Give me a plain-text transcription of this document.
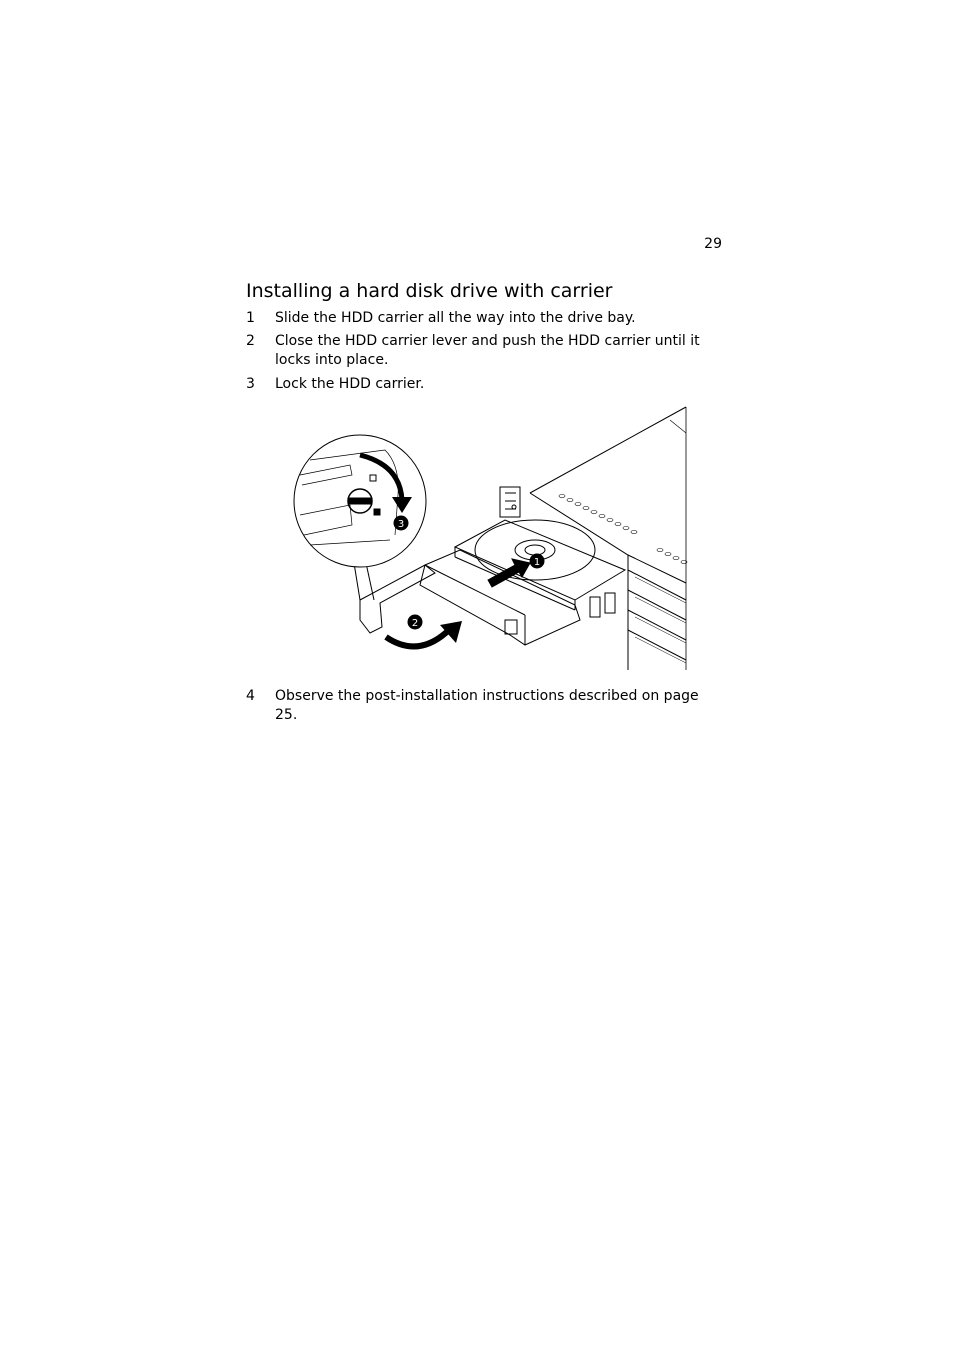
29
Installing a hard disk drive with carrier
1	Slide the HDD carrier all the way into the drive bay.
2	Close the HDD carrier lever and push the HDD carrier until it locks into place.
3	Lock the HDD carrier.
1
2
3
4	Observe the post-installation instructions described on page 25.
